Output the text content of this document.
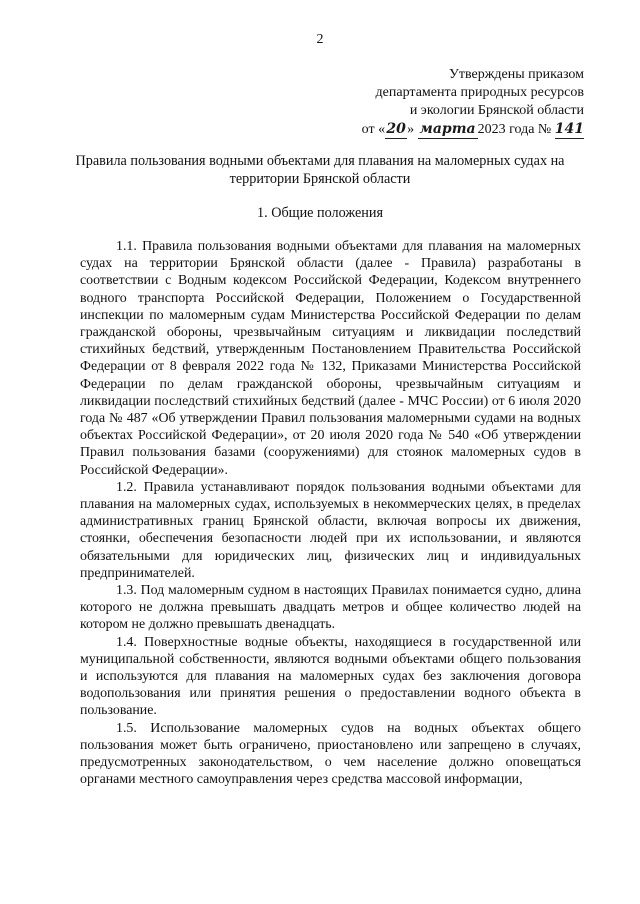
2
Утверждены приказом
департамента природных ресурсов
и экологии Брянской области
от «20» марта 2023 года № 141
Правила пользования водными объектами для плавания на маломерных судах на территории Брянской области
1. Общие положения

1.1. Правила пользования водными объектами для плавания на маломерных судах на территории Брянской области (далее - Правила) разработаны в соответствии с Водным кодексом Российской Федерации, Кодексом внутреннего водного транспорта Российской Федерации, Положением о Государственной инспекции по маломерным судам Министерства Российской Федерации по делам гражданской обороны, чрезвычайным ситуациям и ликвидации последствий стихийных бедствий, утвержденным Постановлением Правительства Российской Федерации от 8 февраля 2022 года № 132, Приказами Министерства Российской Федерации по делам гражданской обороны, чрезвычайным ситуациям и ликвидации последствий стихийных бедствий (далее - МЧС России) от 6 июля 2020 года № 487 «Об утверждении Правил пользования маломерными судами на водных объектах Российской Федерации», от 20 июля 2020 года № 540 «Об утверждении Правил пользования базами (сооружениями) для стоянок маломерных судов в Российской Федерации».

1.2. Правила устанавливают порядок пользования водными объектами для плавания на маломерных судах, используемых в некоммерческих целях, в пределах административных границ Брянской области, включая вопросы их движения, стоянки, обеспечения безопасности людей при их использовании, и являются обязательными для юридических лиц, физических лиц и индивидуальных предпринимателей.

1.3. Под маломерным судном в настоящих Правилах понимается судно, длина которого не должна превышать двадцать метров и общее количество людей на котором не должно превышать двенадцать.

1.4. Поверхностные водные объекты, находящиеся в государственной или муниципальной собственности, являются водными объектами общего пользования и используются для плавания на маломерных судах без заключения договора водопользования или принятия решения о предоставлении водного объекта в пользование.

1.5. Использование маломерных судов на водных объектах общего пользования может быть ограничено, приостановлено или запрещено в случаях, предусмотренных законодательством, о чем население должно оповещаться органами местного самоуправления через средства массовой информации,
